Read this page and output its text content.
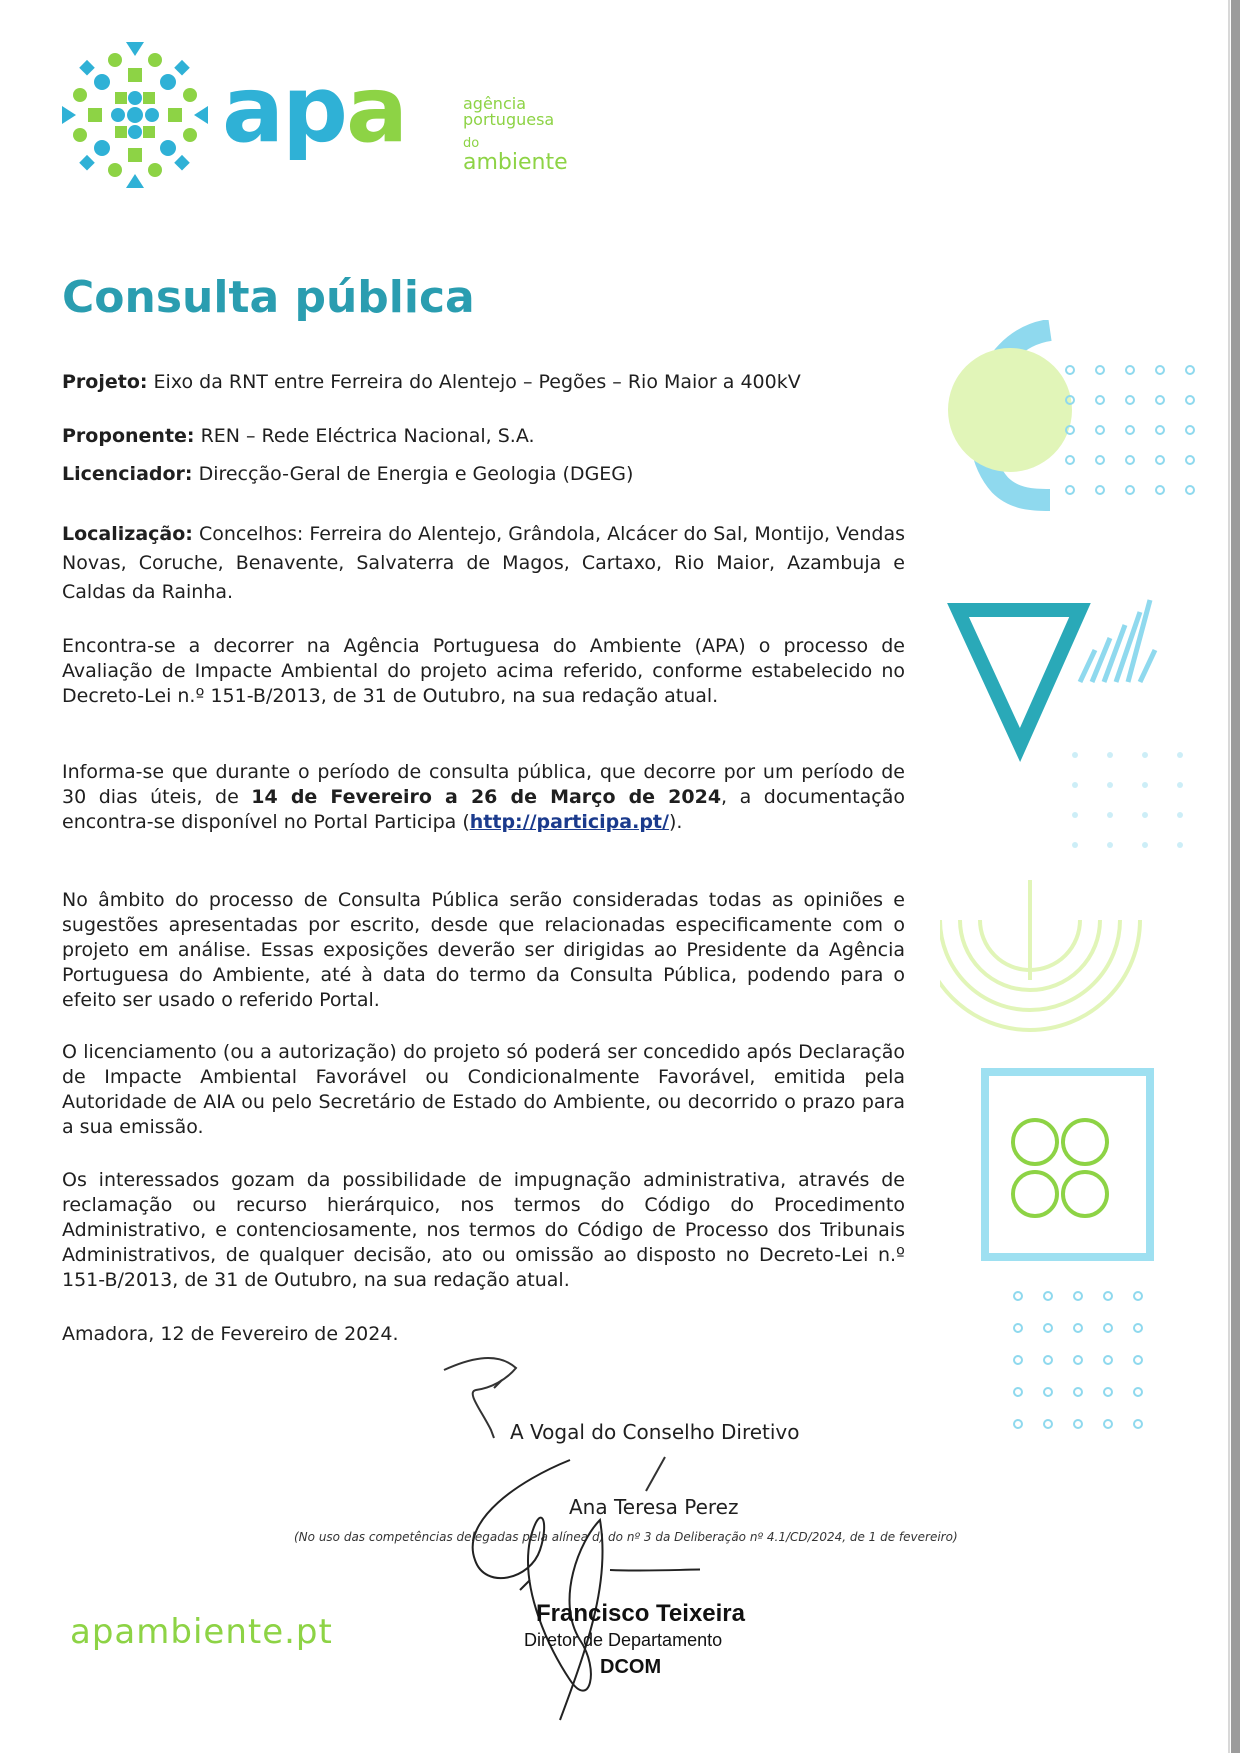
apa	agência portuguesa
do ambiente
Consulta pública

Projeto: Eixo da RNT entre Ferreira do Alentejo – Pegões – Rio Maior a 400kV

Proponente: REN – Rede Eléctrica Nacional, S.A.

Licenciador: Direcção-Geral de Energia e Geologia (DGEG)

Localização: Concelhos: Ferreira do Alentejo, Grândola, Alcácer do Sal, Montijo, Vendas Novas, Coruche, Benavente, Salvaterra de Magos, Cartaxo, Rio Maior, Azambuja e Caldas da Rainha.

Encontra-se a decorrer na Agência Portuguesa do Ambiente (APA) o processo de Avaliação de Impacte Ambiental do projeto acima referido, conforme estabelecido no Decreto-Lei n.º 151-B/2013, de 31 de Outubro, na sua redação atual.

Informa-se que durante o período de consulta pública, que decorre por um período de 30 dias úteis, de 14 de Fevereiro a 26 de Março de 2024, a documentação encontra-se disponível no Portal Participa (http://participa.pt/).

No âmbito do processo de Consulta Pública serão consideradas todas as opiniões e sugestões apresentadas por escrito, desde que relacionadas especificamente com o projeto em análise. Essas exposições deverão ser dirigidas ao Presidente da Agência Portuguesa do Ambiente, até à data do termo da Consulta Pública, podendo para o efeito ser usado o referido Portal.

O licenciamento (ou a autorização) do projeto só poderá ser concedido após Declaração de Impacte Ambiental Favorável ou Condicionalmente Favorável, emitida pela Autoridade de AIA ou pelo Secretário de Estado do Ambiente, ou decorrido o prazo para a sua emissão.

Os interessados gozam da possibilidade de impugnação administrativa, através de reclamação ou recurso hierárquico, nos termos do Código do Procedimento Administrativo, e contenciosamente, nos termos do Código de Processo dos Tribunais Administrativos, de qualquer decisão, ato ou omissão ao disposto no Decreto-Lei n.º 151-B/2013, de 31 de Outubro, na sua redação atual.

Amadora, 12 de Fevereiro de 2024.

A Vogal do Conselho Diretivo
Ana Teresa Perez
(No uso das competências delegadas pela alínea d) do nº 3 da Deliberação nº 4.1/CD/2024, de 1 de fevereiro)
Francisco Teixeira
Diretor de Departamento
DCOM
apambiente.pt
